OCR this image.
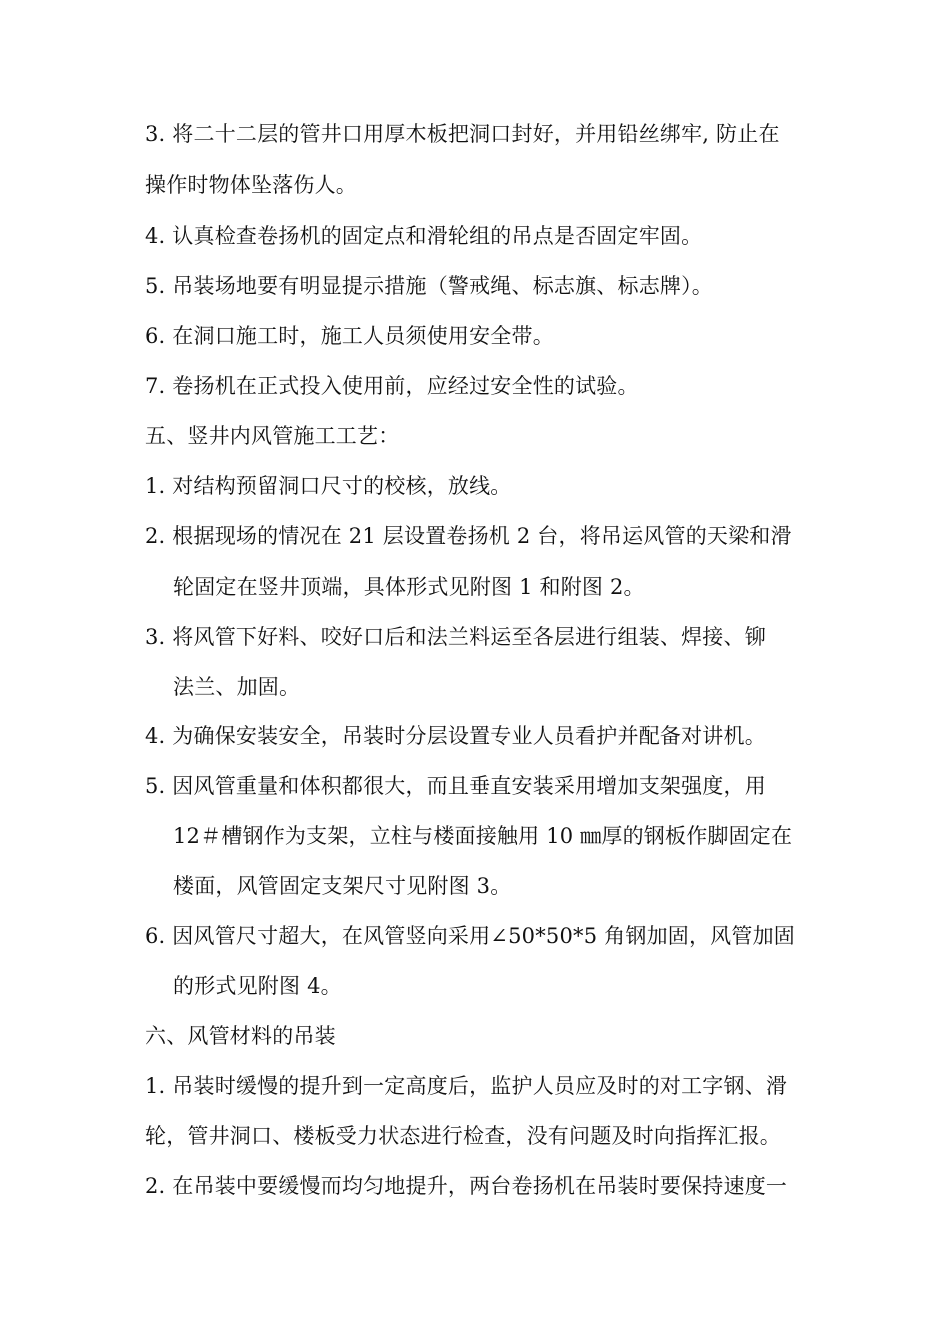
3. 将二十二层的管井口用厚木板把洞口封好，并用铅丝绑牢, 防止在
操作时物体坠落伤人。
4. 认真检查卷扬机的固定点和滑轮组的吊点是否固定牢固。
5. 吊装场地要有明显提示措施（警戒绳、标志旗、标志牌）。
6. 在洞口施工时，施工人员须使用安全带。
7. 卷扬机在正式投入使用前，应经过安全性的试验。
五、竖井内风管施工工艺：
1. 对结构预留洞口尺寸的校核，放线。
2. 根据现场的情况在 21 层设置卷扬机 2 台，将吊运风管的天梁和滑
轮固定在竖井顶端，具体形式见附图 1 和附图 2。
3. 将风管下好料、咬好口后和法兰料运至各层进行组装、焊接、铆
法兰、加固。
4. 为确保安装安全，吊装时分层设置专业人员看护并配备对讲机。
5. 因风管重量和体积都很大，而且垂直安装采用增加支架强度，用
12＃槽钢作为支架，立柱与楼面接触用 10 ㎜厚的钢板作脚固定在
楼面，风管固定支架尺寸见附图 3。
6. 因风管尺寸超大，在风管竖向采用∠50*50*5 角钢加固，风管加固
的形式见附图 4。
六、风管材料的吊装
1. 吊装时缓慢的提升到一定高度后，监护人员应及时的对工字钢、滑
轮，管井洞口、楼板受力状态进行检查，没有问题及时向指挥汇报。
2. 在吊装中要缓慢而均匀地提升，两台卷扬机在吊装时要保持速度一
